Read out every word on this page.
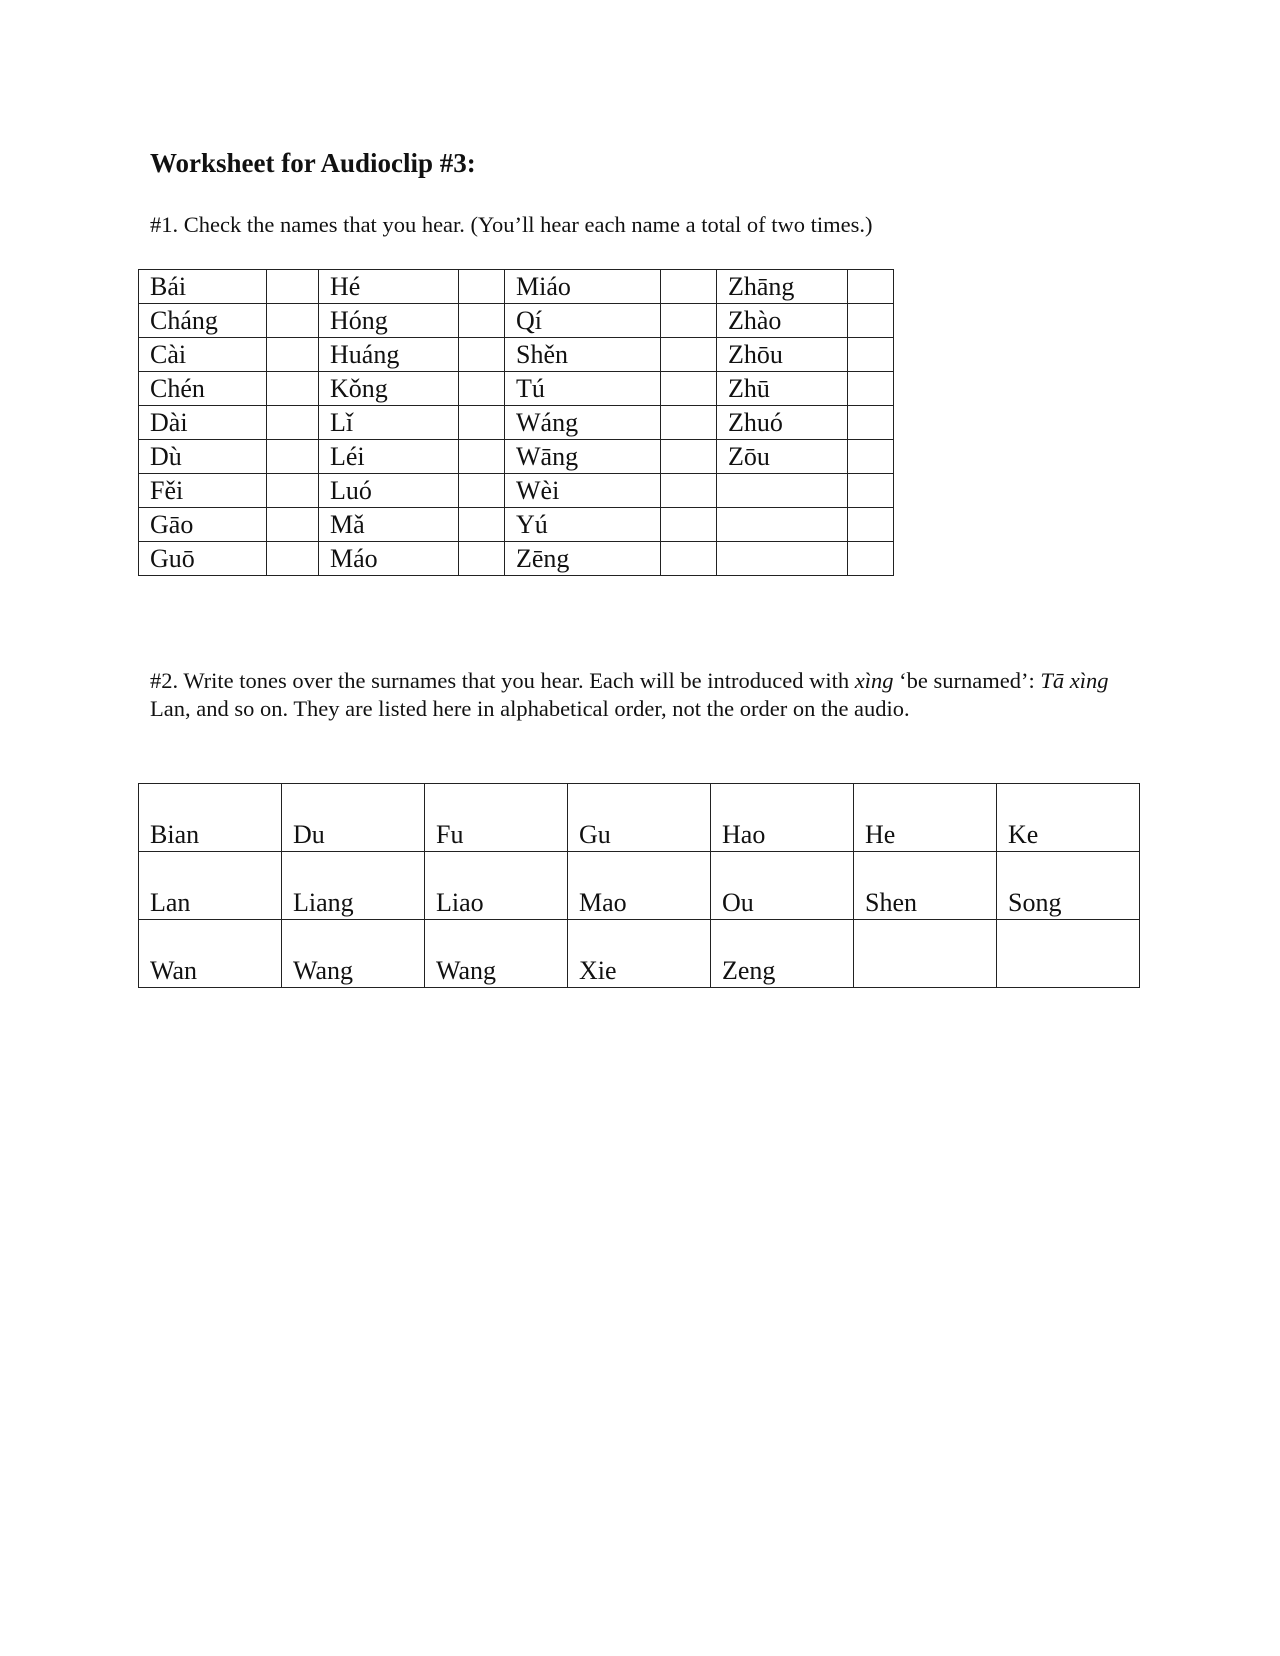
Worksheet for Audioclip #3:

#1. Check the names that you hear. (You’ll hear each name a total of two times.)

Bái		Hé		Miáo		Zhāng	
Cháng		Hóng		Qí		Zhào	
Cài		Huáng		Shěn		Zhōu	
Chén		Kǒng		Tú		Zhū	
Dài		Lǐ		Wáng		Zhuó	
Dù		Léi		Wāng		Zōu	
Fěi		Luó		Wèi			
Gāo		Mǎ		Yú			
Guō		Máo		Zēng			

#2. Write tones over the surnames that you hear. Each will be introduced with xìng ‘be surnamed’: Tā xìng Lan, and so on. They are listed here in alphabetical order, not the order on the audio.

Bian	Du	Fu	Gu	Hao	He	Ke
Lan	Liang	Liao	Mao	Ou	Shen	Song
Wan	Wang	Wang	Xie	Zeng		
